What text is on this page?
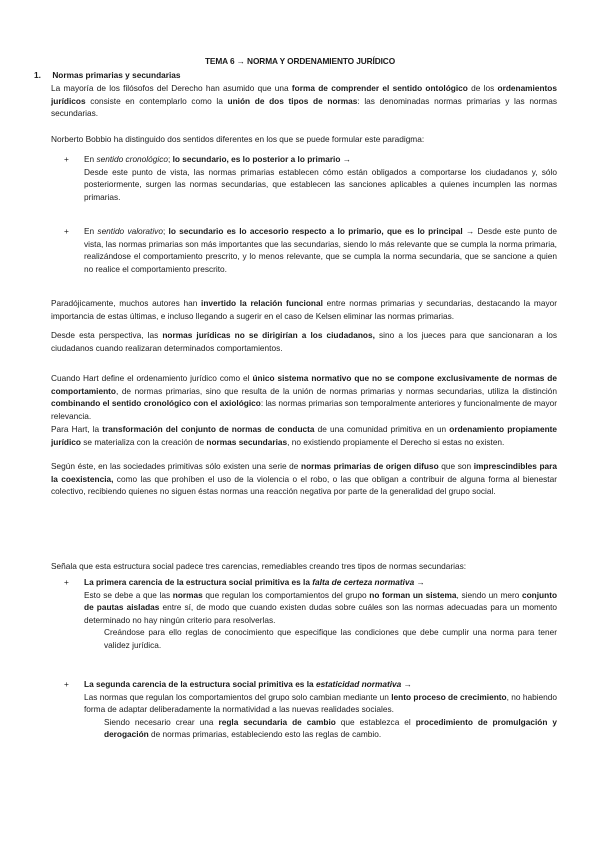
TEMA 6 → NORMA Y ORDENAMIENTO JURÍDICO
1. Normas primarias y secundarias

La mayoría de los filósofos del Derecho han asumido que una forma de comprender el sentido ontológico de los ordenamientos jurídicos consiste en contemplarlo como la unión de dos tipos de normas: las denominadas normas primarias y las normas secundarias.

Norberto Bobbio ha distinguido dos sentidos diferentes en los que se puede formular este paradigma:

+	En sentido cronológico; lo secundario, es lo posterior a lo primario →

Desde este punto de vista, las normas primarias establecen cómo están obligados a comportarse los ciudadanos y, sólo posteriormente, surgen las normas secundarias, que establecen las sanciones aplicables a quienes incumplen las normas primarias.

+	En sentido valorativo; lo secundario es lo accesorio respecto a lo primario, que es lo principal → Desde este punto de vista, las normas primarias son más importantes que las secundarias, siendo lo más relevante que se cumpla la norma primaria, realizándose el comportamiento prescrito, y lo menos relevante, que se cumpla la norma secundaria, que se sancione a quien no realice el comportamiento prescrito.

Paradójicamente, muchos autores han invertido la relación funcional entre normas primarias y secundarias, destacando la mayor importancia de estas últimas, e incluso llegando a sugerir en el caso de Kelsen eliminar las normas primarias.

Desde esta perspectiva, las normas jurídicas no se dirigirían a los ciudadanos, sino a los jueces para que sancionaran a los ciudadanos cuando realizaran determinados comportamientos.

Cuando Hart define el ordenamiento jurídico como el único sistema normativo que no se compone exclusivamente de normas de comportamiento, de normas primarias, sino que resulta de la unión de normas primarias y normas secundarias, utiliza la distinción combinando el sentido cronológico con el axiológico: las normas primarias son temporalmente anteriores y funcionalmente de mayor relevancia.

Para Hart, la transformación del conjunto de normas de conducta de una comunidad primitiva en un ordenamiento propiamente jurídico se materializa con la creación de normas secundarias, no existiendo propiamente el Derecho si estas no existen.

Según éste, en las sociedades primitivas sólo existen una serie de normas primarias de origen difuso que son imprescindibles para la coexistencia, como las que prohíben el uso de la violencia o el robo, o las que obligan a contribuir de alguna forma al bienestar colectivo, recibiendo quienes no siguen éstas normas una reacción negativa por parte de la generalidad del grupo social.

Señala que esta estructura social padece tres carencias, remediables creando tres tipos de normas secundarias:

+	La primera carencia de la estructura social primitiva es la falta de certeza normativa →

Esto se debe a que las normas que regulan los comportamientos del grupo no forman un sistema, siendo un mero conjunto de pautas aisladas entre sí, de modo que cuando existen dudas sobre cuáles son las normas adecuadas para un momento determinado no hay ningún criterio para resolverlas.

Creándose para ello reglas de conocimiento que especifique las condiciones que debe cumplir una norma para tener validez jurídica.

+	La segunda carencia de la estructura social primitiva es la estaticidad normativa →

Las normas que regulan los comportamientos del grupo solo cambian mediante un lento proceso de crecimiento, no habiendo forma de adaptar deliberadamente la normatividad a las nuevas realidades sociales.

Siendo necesario crear una regla secundaria de cambio que establezca el procedimiento de promulgación y derogación de normas primarias, estableciendo esto las reglas de cambio.
